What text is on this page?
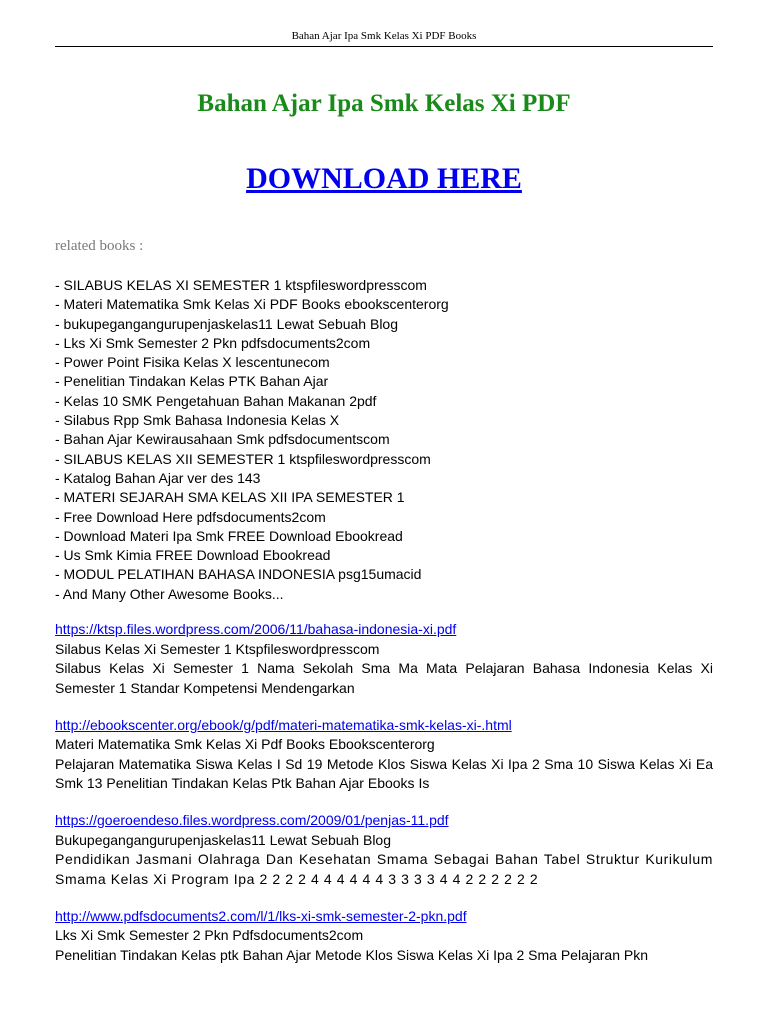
Bahan Ajar Ipa Smk Kelas Xi PDF Books
Bahan Ajar Ipa Smk Kelas Xi PDF
DOWNLOAD HERE
related books :
- SILABUS KELAS XI SEMESTER 1 ktspfileswordpresscom
- Materi Matematika Smk Kelas Xi PDF Books ebookscenterorg
- bukupegangangurupenjaskelas11 Lewat Sebuah Blog
- Lks Xi Smk Semester 2 Pkn pdfsdocuments2com
- Power Point Fisika Kelas X lescentunecom
- Penelitian Tindakan Kelas PTK Bahan Ajar
- Kelas 10 SMK Pengetahuan Bahan Makanan 2pdf
- Silabus Rpp Smk Bahasa Indonesia Kelas X
- Bahan Ajar Kewirausahaan Smk pdfsdocumentscom
- SILABUS KELAS XII SEMESTER 1 ktspfileswordpresscom
- Katalog Bahan Ajar ver des 143
- MATERI SEJARAH SMA KELAS XII IPA SEMESTER 1
- Free Download Here pdfsdocuments2com
- Download Materi Ipa Smk FREE Download Ebookread
- Us Smk Kimia FREE Download Ebookread
- MODUL PELATIHAN BAHASA INDONESIA psg15umacid
- And Many Other Awesome Books...
https://ktsp.files.wordpress.com/2006/11/bahasa-indonesia-xi.pdf
Silabus Kelas Xi Semester 1 Ktspfileswordpresscom
Silabus Kelas Xi Semester 1 Nama Sekolah Sma Ma Mata Pelajaran Bahasa Indonesia Kelas Xi Semester 1 Standar Kompetensi Mendengarkan
http://ebookscenter.org/ebook/g/pdf/materi-matematika-smk-kelas-xi-.html
Materi Matematika Smk Kelas Xi Pdf Books Ebookscenterorg
Pelajaran Matematika Siswa Kelas I Sd 19 Metode Klos Siswa Kelas Xi Ipa 2 Sma 10 Siswa Kelas Xi Ea Smk 13 Penelitian Tindakan Kelas Ptk Bahan Ajar Ebooks Is
https://goeroendeso.files.wordpress.com/2009/01/penjas-11.pdf
Bukupegangangurupenjaskelas11 Lewat Sebuah Blog
Pendidikan Jasmani Olahraga Dan Kesehatan Smama Sebagai Bahan Tabel Struktur Kurikulum Smama Kelas Xi Program Ipa 2 2 2 2 4 4 4 4 4 4 3 3 3 3 4 4 2 2 2 2 2 2
http://www.pdfsdocuments2.com/l/1/lks-xi-smk-semester-2-pkn.pdf
Lks Xi Smk Semester 2 Pkn Pdfsdocuments2com
Penelitian Tindakan Kelas ptk Bahan Ajar Metode Klos Siswa Kelas Xi Ipa 2 Sma Pelajaran Pkn
